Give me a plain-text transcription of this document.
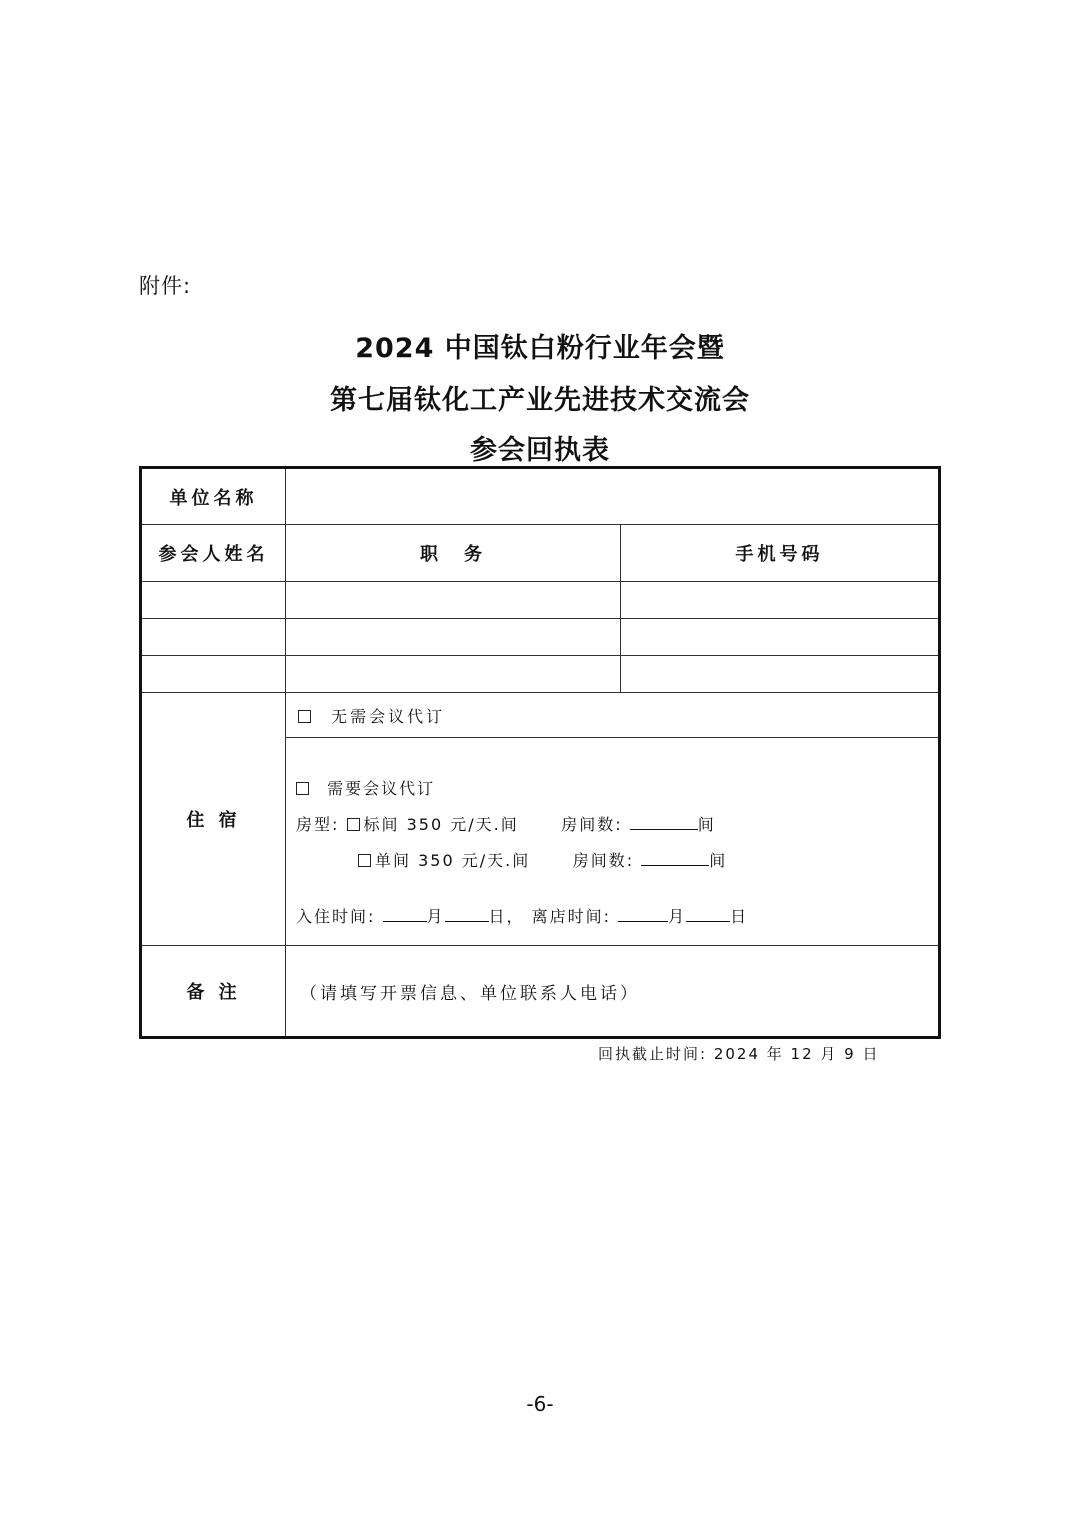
附件:
2024 中国钛白粉行业年会暨
第七届钛化工产业先进技术交流会
参会回执表
单位名称		
参会人姓名	职　务	手机号码

住 宿	无需会议代订	

	需要会议代订
房型: 标间 350 元/天.间 房间数: 间
单间 350 元/天.间 房间数: 间
入住时间: 月 日， 离店时间: 月 日	

备 注	（请填写开票信息、单位联系人电话）	
回执截止时间: 2024 年 12 月 9 日
-6-
